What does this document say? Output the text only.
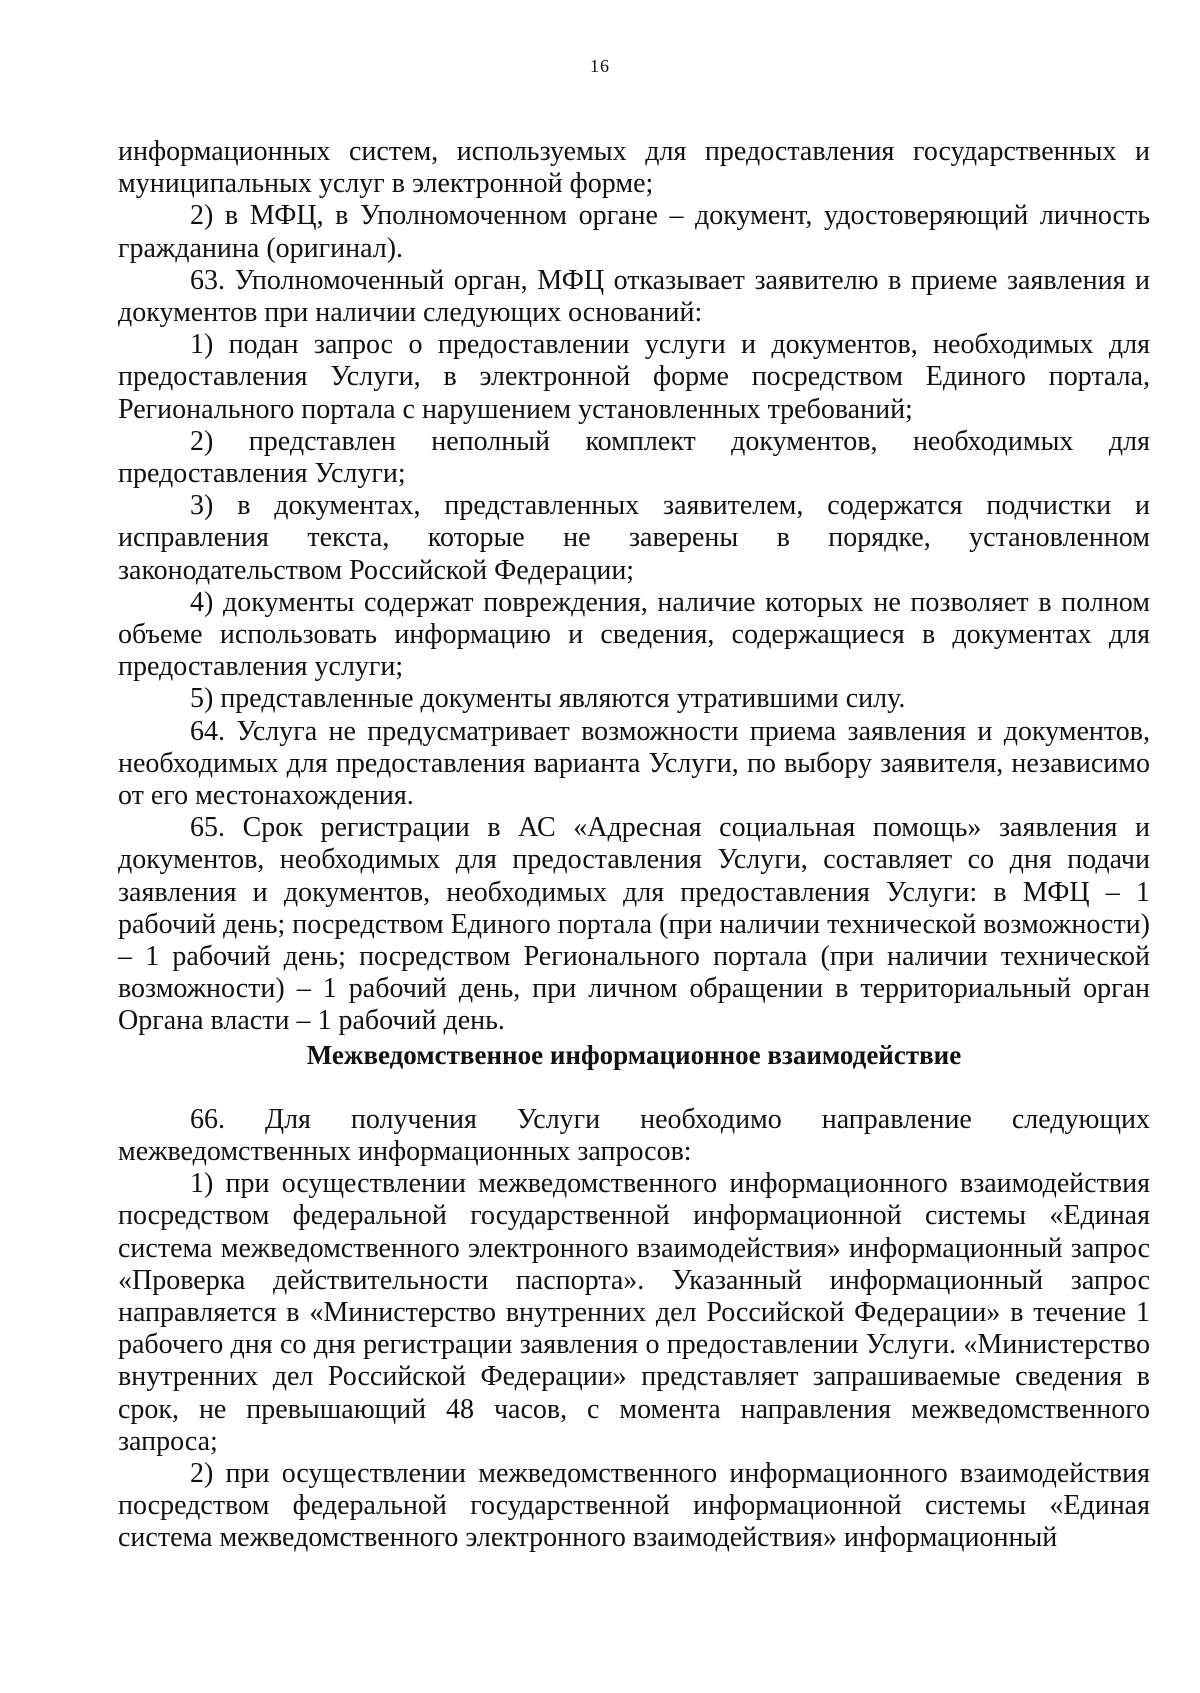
16

информационных систем, используемых для предоставления государственных и муниципальных услуг в электронной форме;

2) в МФЦ, в Уполномоченном органе – документ, удостоверяющий личность гражданина (оригинал).

63. Уполномоченный орган, МФЦ отказывает заявителю в приеме заявления и документов при наличии следующих оснований:

1) подан запрос о предоставлении услуги и документов, необходимых для предоставления Услуги, в электронной форме посредством Единого портала, Регионального портала с нарушением установленных требований;

2) представлен неполный комплект документов, необходимых для предоставления Услуги;

3) в документах, представленных заявителем, содержатся подчистки и исправления текста, которые не заверены в порядке, установленном законодательством Российской Федерации;

4) документы содержат повреждения, наличие которых не позволяет в полном объеме использовать информацию и сведения, содержащиеся в документах для предоставления услуги;

5) представленные документы являются утратившими силу.

64. Услуга не предусматривает возможности приема заявления и документов, необходимых для предоставления варианта Услуги, по выбору заявителя, независимо от его местонахождения.

65. Срок регистрации в АС «Адресная социальная помощь» заявления и документов, необходимых для предоставления Услуги, составляет со дня подачи заявления и документов, необходимых для предоставления Услуги: в МФЦ – 1 рабочий день; посредством Единого портала (при наличии технической возможности) – 1 рабочий день; посредством Регионального портала (при наличии технической возможности) – 1 рабочий день, при личном обращении в территориальный орган Органа власти – 1 рабочий день.

Межведомственное информационное взаимодействие

66. Для получения Услуги необходимо направление следующих межведомственных информационных запросов:

1) при осуществлении межведомственного информационного взаимодействия посредством федеральной государственной информационной системы «Единая система межведомственного электронного взаимодействия» информационный запрос «Проверка действительности паспорта». Указанный информационный запрос направляется в «Министерство внутренних дел Российской Федерации» в течение 1 рабочего дня со дня регистрации заявления о предоставлении Услуги. «Министерство внутренних дел Российской Федерации» представляет запрашиваемые сведения в срок, не превышающий 48 часов, с момента направления межведомственного запроса;

2) при осуществлении межведомственного информационного взаимодействия посредством федеральной государственной информационной системы «Единая система межведомственного электронного взаимодействия» информационный
